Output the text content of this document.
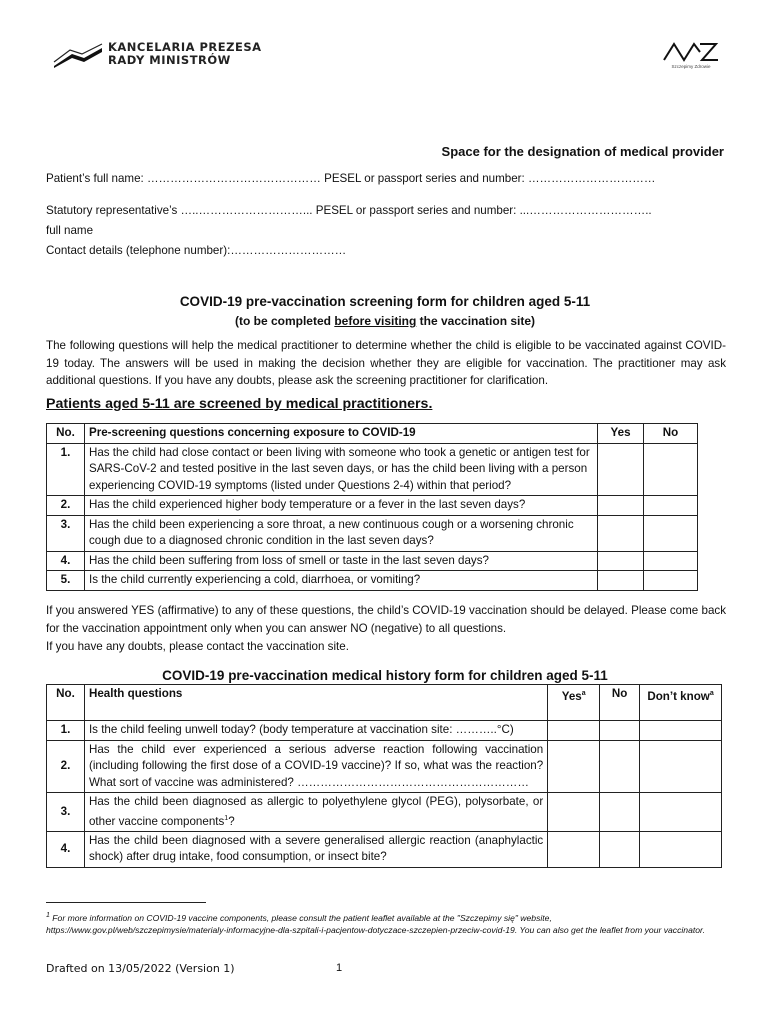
KANCELARIA PREZESA
RADY MINISTRÓW	Szczepimy Zdrowie
Space for the designation of medical provider
Patient’s full name: ……………………………………… PESEL or passport series and number: ……………………………
Statutory representative’s …..………………………... PESEL or passport series and number: ...…………………………..
full name
Contact details (telephone number):…………………………
COVID-19 pre-vaccination screening form for children aged 5-11
(to be completed before visiting the vaccination site)
The following questions will help the medical practitioner to determine whether the child is eligible to be vaccinated against COVID-19 today. The answers will be used in making the decision whether they are eligible for vaccination. The practitioner may ask additional questions. If you have any doubts, please ask the screening practitioner for clarification.
Patients aged 5-11 are screened by medical practitioners.
No.	Pre-screening questions concerning exposure to COVID-19	Yes	No
1.	Has the child had close contact or been living with someone who took a genetic or antigen test for SARS-CoV-2 and tested positive in the last seven days, or has the child been living with a person experiencing COVID-19 symptoms (listed under Questions 2-4) within that period?		
2.	Has the child experienced higher body temperature or a fever in the last seven days?		
3.	Has the child been experiencing a sore throat, a new continuous cough or a worsening chronic cough due to a diagnosed chronic condition in the last seven days?		
4.	Has the child been suffering from loss of smell or taste in the last seven days?		
5.	Is the child currently experiencing a cold, diarrhoea, or vomiting?		
If you answered YES (affirmative) to any of these questions, the child’s COVID-19 vaccination should be delayed. Please come back for the vaccination appointment only when you can answer NO (negative) to all questions.
If you have any doubts, please contact the vaccination site.
COVID-19 pre-vaccination medical history form for children aged 5-11
No.	Health questions	Yes$^a$	No	Don’t know$^a$
1.	Is the child feeling unwell today? (body temperature at vaccination site: ………..°C)			
2.	Has the child ever experienced a serious adverse reaction following vaccination (including following the first dose of a COVID-19 vaccine)? If so, what was the reaction? What sort of vaccine was administered? ……………………………………………………			
3.	Has the child been diagnosed as allergic to polyethylene glycol (PEG), polysorbate, or other vaccine components$^1$?			
4.	Has the child been diagnosed with a severe generalised allergic reaction (anaphylactic shock) after drug intake, food consumption, or insect bite?			
$^1$ For more information on COVID-19 vaccine components, please consult the patient leaflet available at the "Szczepimy się" website, https://www.gov.pl/web/szczepimysie/materialy-informacyjne-dla-szpitali-i-pacjentow-dotyczace-szczepien-przeciw-covid-19. You can also get the leaflet from your vaccinator.
Drafted on 13/05/2022 (Version 1)	1
